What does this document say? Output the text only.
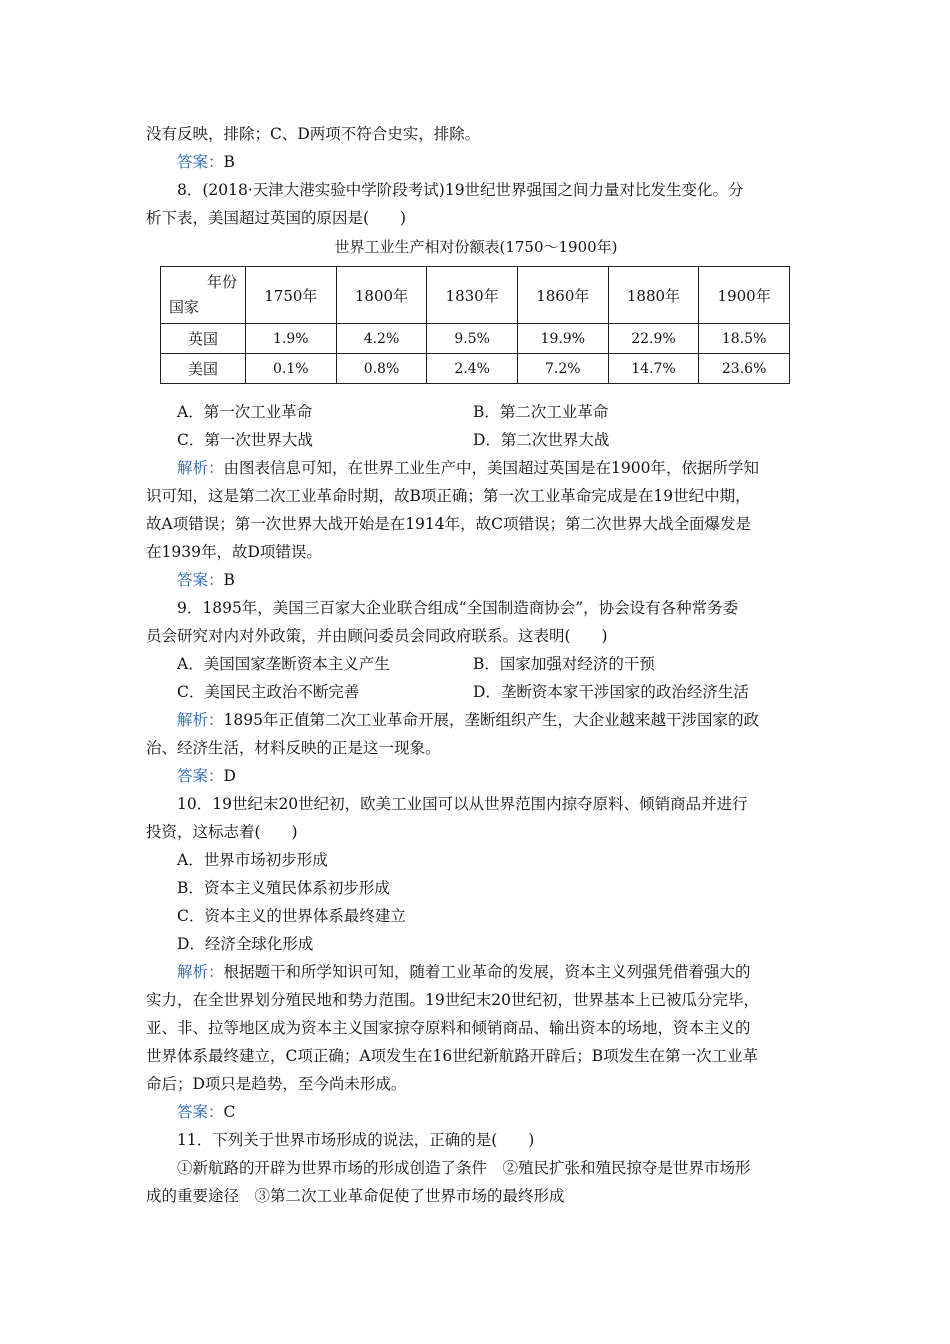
没有反映，排除；C、D两项不符合史实，排除。

答案：B

8．(2018·天津大港实验中学阶段考试)19世纪世界强国之间力量对比发生变化。分

析下表，美国超过英国的原因是(　　)

世界工业生产相对份额表(1750～1900年)

年份
国家	1750年	1800年	1830年	1860年	1880年	1900年
英国	1.9%	4.2%	9.5%	19.9%	22.9%	18.5%
美国	0.1%	0.8%	2.4%	7.2%	14.7%	23.6%

A．第一次工业革命	B．第二次工业革命

C．第一次世界大战	D．第二次世界大战

解析：由图表信息可知，在世界工业生产中，美国超过英国是在1900年，依据所学知

识可知，这是第二次工业革命时期，故B项正确；第一次工业革命完成是在19世纪中期，

故A项错误；第一次世界大战开始是在1914年，故C项错误；第二次世界大战全面爆发是

在1939年，故D项错误。

答案：B

9．1895年，美国三百家大企业联合组成“全国制造商协会”，协会设有各种常务委

员会研究对内对外政策，并由顾问委员会同政府联系。这表明(　　)

A．美国国家垄断资本主义产生	B．国家加强对经济的干预

C．美国民主政治不断完善	D．垄断资本家干涉国家的政治经济生活

解析：1895年正值第二次工业革命开展，垄断组织产生，大企业越来越干涉国家的政

治、经济生活，材料反映的正是这一现象。

答案：D

10．19世纪末20世纪初，欧美工业国可以从世界范围内掠夺原料、倾销商品并进行

投资，这标志着(　　)

A．世界市场初步形成

B．资本主义殖民体系初步形成

C．资本主义的世界体系最终建立

D．经济全球化形成

解析：根据题干和所学知识可知，随着工业革命的发展，资本主义列强凭借着强大的

实力，在全世界划分殖民地和势力范围。19世纪末20世纪初，世界基本上已被瓜分完毕，

亚、非、拉等地区成为资本主义国家掠夺原料和倾销商品、输出资本的场地，资本主义的

世界体系最终建立，C项正确；A项发生在16世纪新航路开辟后；B项发生在第一次工业革

命后；D项只是趋势，至今尚未形成。

答案：C

11．下列关于世界市场形成的说法，正确的是(　　)

①新航路的开辟为世界市场的形成创造了条件　②殖民扩张和殖民掠夺是世界市场形

成的重要途径　③第二次工业革命促使了世界市场的最终形成
